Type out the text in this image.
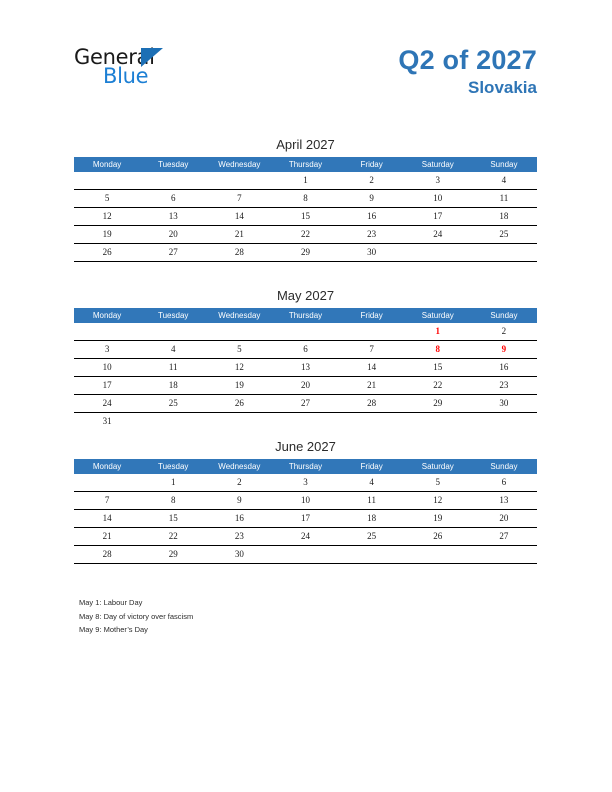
General
Blue
Q2 of 2027
Slovakia
April 2027
Monday	Tuesday	Wednesday	Thursday	Friday	Saturday	Sunday
			1	2	3	4
5	6	7	8	9	10	11
12	13	14	15	16	17	18
19	20	21	22	23	24	25
26	27	28	29	30		
May 2027
Monday	Tuesday	Wednesday	Thursday	Friday	Saturday	Sunday
					1	2
3	4	5	6	7	8	9
10	11	12	13	14	15	16
17	18	19	20	21	22	23
24	25	26	27	28	29	30
31						
June 2027
Monday	Tuesday	Wednesday	Thursday	Friday	Saturday	Sunday
	1	2	3	4	5	6
7	8	9	10	11	12	13
14	15	16	17	18	19	20
21	22	23	24	25	26	27
28	29	30				
May 1: Labour Day
May 8: Day of victory over fascism
May 9: Mother’s Day
